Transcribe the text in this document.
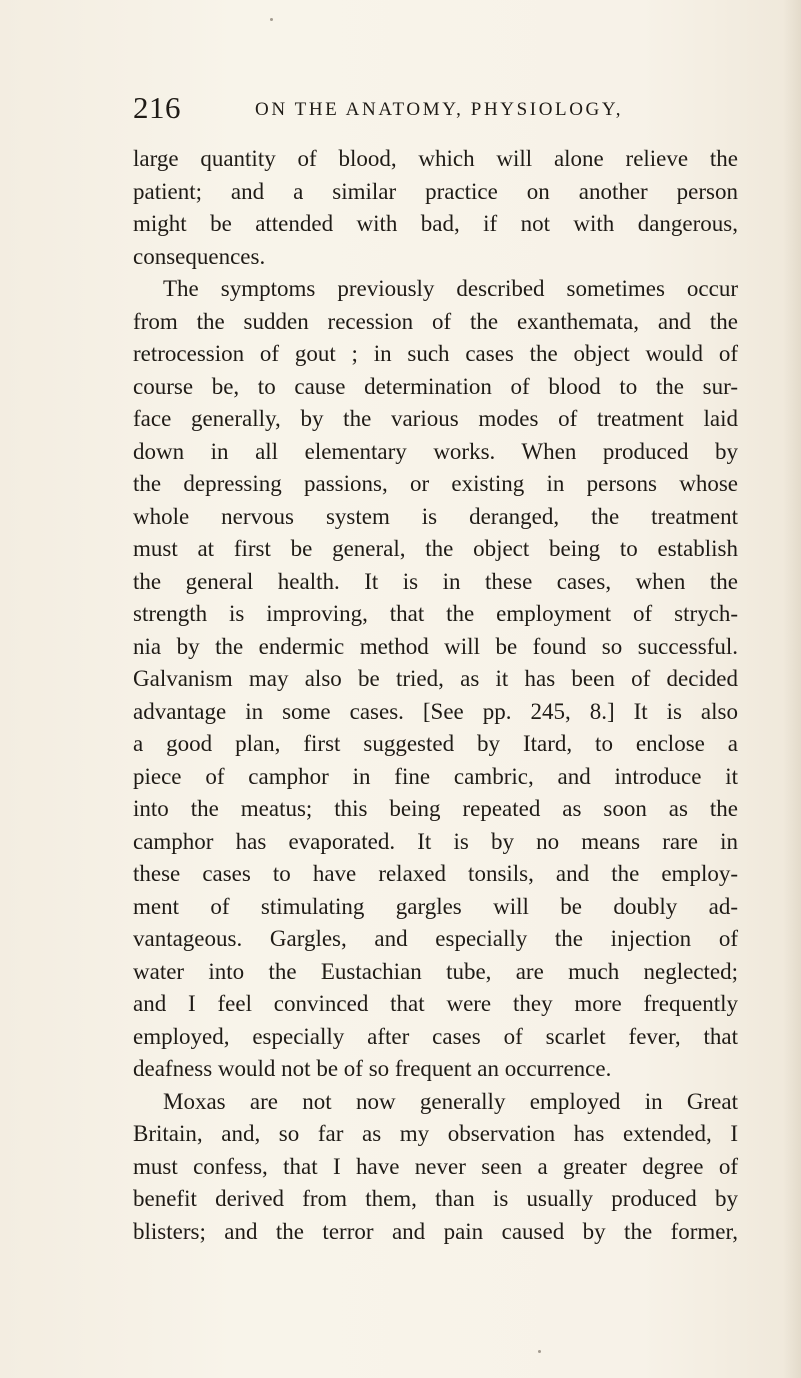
216	ON THE ANATOMY, PHYSIOLOGY,
large quantity of blood, which will alone relieve the
patient; and a similar practice on another person
might be attended with bad, if not with dangerous,
consequences.
The symptoms previously described sometimes occur
from the sudden recession of the exanthemata, and the
retrocession of gout ; in such cases the object would of
course be, to cause determination of blood to the sur-
face generally, by the various modes of treatment laid
down in all elementary works. When produced by
the depressing passions, or existing in persons whose
whole nervous system is deranged, the treatment
must at first be general, the object being to establish
the general health. It is in these cases, when the
strength is improving, that the employment of strych-
nia by the endermic method will be found so successful.
Galvanism may also be tried, as it has been of decided
advantage in some cases. [See pp. 245, 8.] It is also
a good plan, first suggested by Itard, to enclose a
piece of camphor in fine cambric, and introduce it
into the meatus; this being repeated as soon as the
camphor has evaporated. It is by no means rare in
these cases to have relaxed tonsils, and the employ-
ment of stimulating gargles will be doubly ad-
vantageous. Gargles, and especially the injection of
water into the Eustachian tube, are much neglected;
and I feel convinced that were they more frequently
employed, especially after cases of scarlet fever, that
deafness would not be of so frequent an occurrence.
Moxas are not now generally employed in Great
Britain, and, so far as my observation has extended, I
must confess, that I have never seen a greater degree of
benefit derived from them, than is usually produced by
blisters; and the terror and pain caused by the former,
